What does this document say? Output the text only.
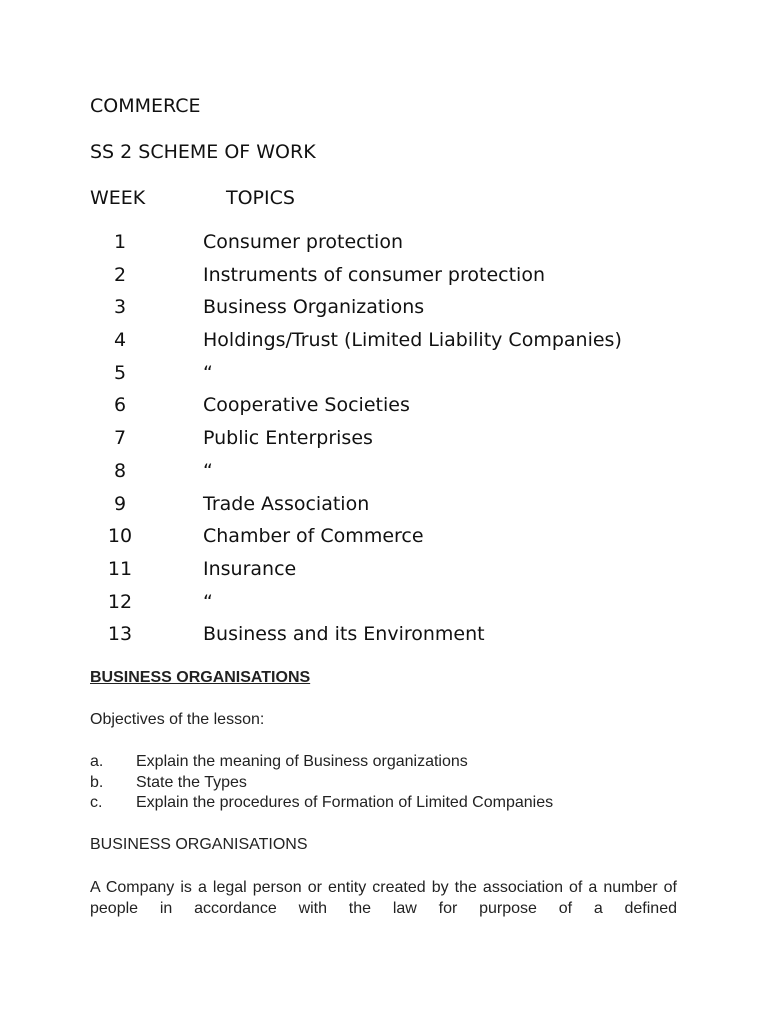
COMMERCE
SS 2 SCHEME OF WORK
WEEK	TOPICS
1	Consumer protection
2	Instruments of consumer protection
3	Business Organizations
4	Holdings/Trust (Limited Liability Companies)
5	“
6	Cooperative Societies
7	Public Enterprises
8	“
9	Trade Association
10	Chamber of Commerce
11	Insurance
12	“
13	Business and its Environment
BUSINESS ORGANISATIONS
Objectives of the lesson:
a. Explain the meaning of Business organizations
b. State the Types
c. Explain the procedures of Formation of Limited Companies
BUSINESS ORGANISATIONS
A Company is a legal person or entity created by the association of a number of people in accordance with the law for purpose of a defined
